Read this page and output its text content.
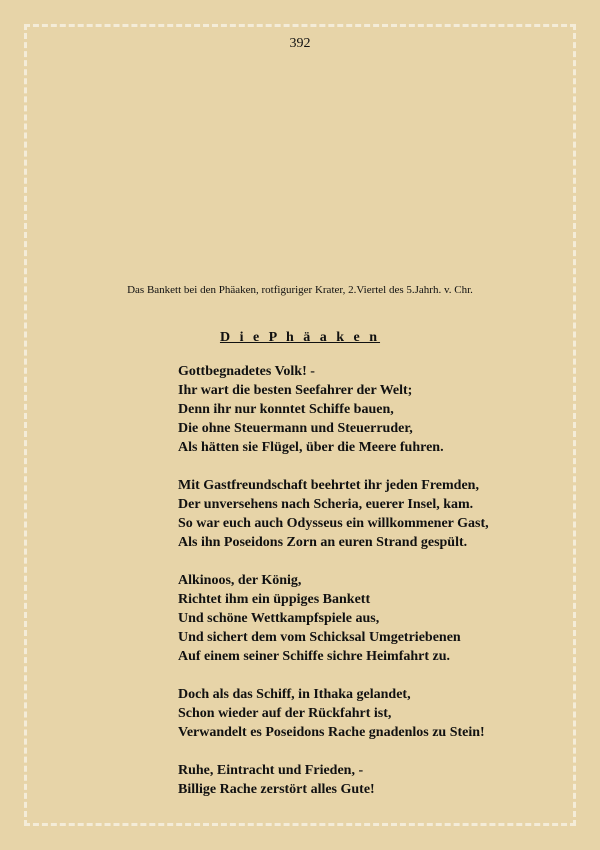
392
Das Bankett bei den Phäaken, rotfiguriger Krater, 2.Viertel des 5.Jahrh. v. Chr.
D i e P h ä a k e n
Gottbegnadetes Volk! -
Ihr wart die besten Seefahrer der Welt;
Denn ihr nur konntet Schiffe bauen,
Die ohne Steuermann und Steuerruder,
Als hätten sie Flügel, über die Meere fuhren.
Mit Gastfreundschaft beehrtet ihr jeden Fremden,
Der unversehens nach Scheria, euerer Insel, kam.
So war euch auch Odysseus ein willkommener Gast,
Als ihn Poseidons Zorn an euren Strand gespült.
Alkinoos, der König,
Richtet ihm ein üppiges Bankett
Und schöne Wettkampfspiele aus,
Und sichert dem vom Schicksal Umgetriebenen
Auf einem seiner Schiffe sichre Heimfahrt zu.
Doch als das Schiff, in Ithaka gelandet,
Schon wieder auf der Rückfahrt ist,
Verwandelt es Poseidons Rache gnadenlos zu Stein!
Ruhe, Eintracht und Frieden, -
Billige Rache zerstört alles Gute!
